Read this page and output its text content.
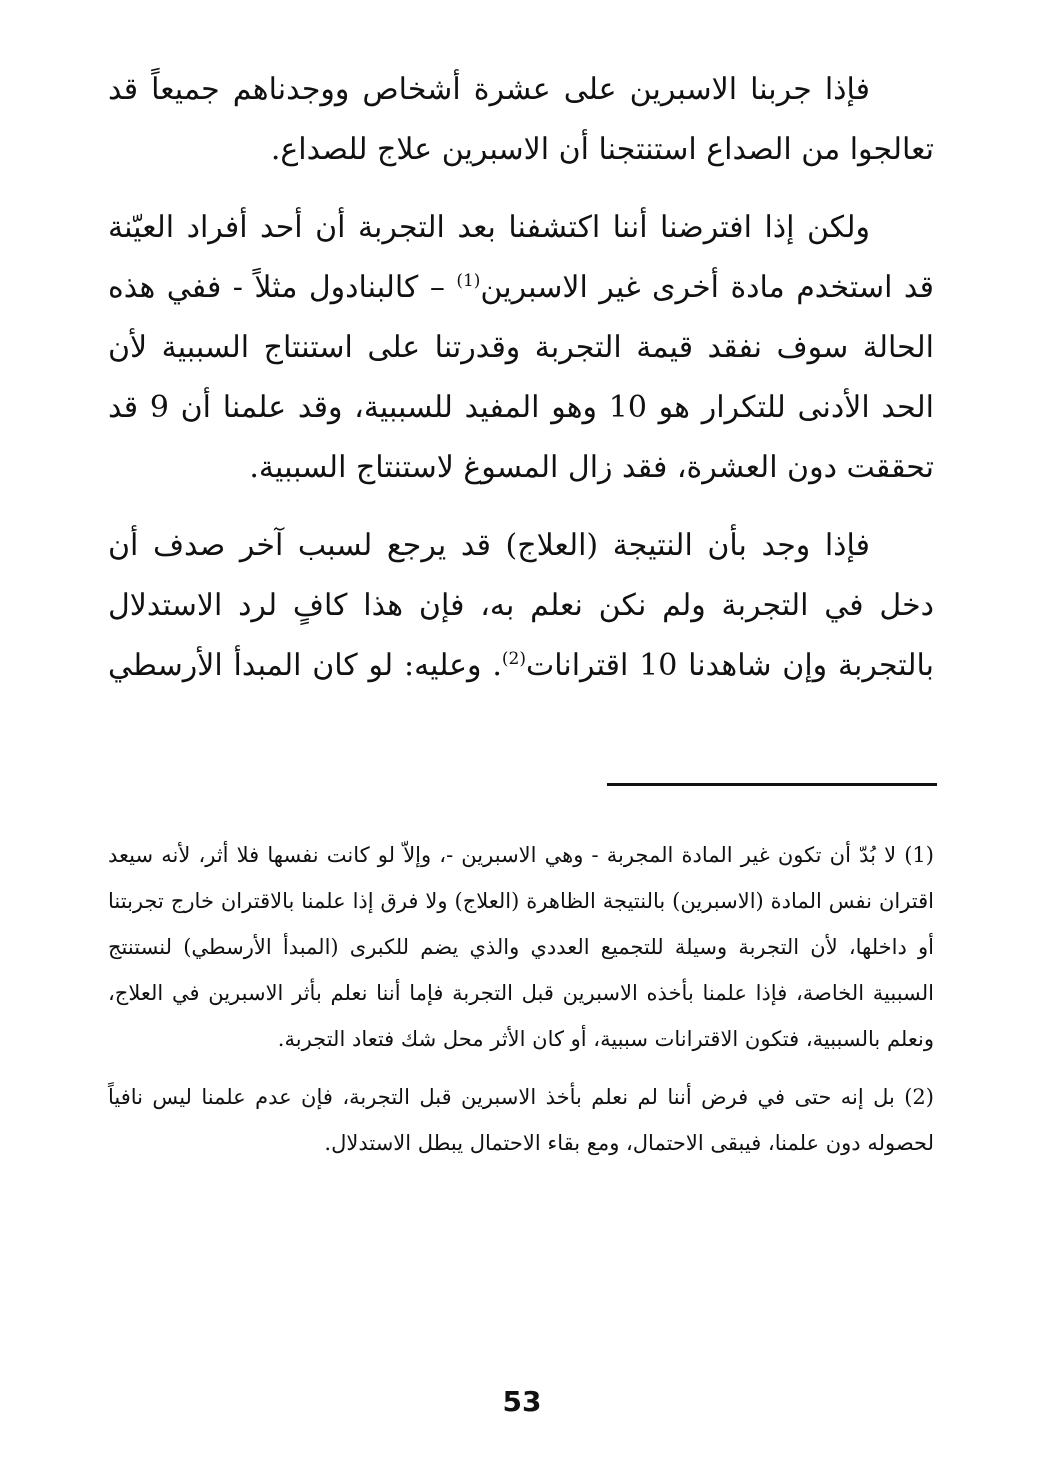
فإذا جربنا الاسبرين على عشرة أشخاص ووجدناهم جميعاً قد تعالجوا من الصداع استنتجنا أن الاسبرين علاج للصداع.

ولكن إذا افترضنا أننا اكتشفنا بعد التجربة أن أحد أفراد العيّنة قد استخدم مادة أخرى غير الاسبرين$^{(1)}$ – كالبنادول مثلاً - ففي هذه الحالة سوف نفقد قيمة التجربة وقدرتنا على استنتاج السببية لأن الحد الأدنى للتكرار هو 10 وهو المفيد للسببية، وقد علمنا أن 9 قد تحققت دون العشرة، فقد زال المسوغ لاستنتاج السببية.

فإذا وجد بأن النتيجة (العلاج) قد يرجع لسبب آخر صدف أن دخل في التجربة ولم نكن نعلم به، فإن هذا كافٍ لرد الاستدلال بالتجربة وإن شاهدنا 10 اقترانات$^{(2)}$. وعليه: لو كان المبدأ الأرسطي

(1) لا بُدّ أن تكون غير المادة المجربة - وهي الاسبرين -، وإلاّ لو كانت نفسها فلا أثر، لأنه سيعد اقتران نفس المادة (الاسبرين) بالنتيجة الظاهرة (العلاج) ولا فرق إذا علمنا بالاقتران خارج تجربتنا أو داخلها، لأن التجربة وسيلة للتجميع العددي والذي يضم للكبرى (المبدأ الأرسطي) لنستنتج السببية الخاصة، فإذا علمنا بأخذه الاسبرين قبل التجربة فإما أننا نعلم بأثر الاسبرين في العلاج، ونعلم بالسببية، فتكون الاقترانات سببية، أو كان الأثر محل شك فتعاد التجربة.

(2) بل إنه حتى في فرض أننا لم نعلم بأخذ الاسبرين قبل التجربة، فإن عدم علمنا ليس نافياً لحصوله دون علمنا، فيبقى الاحتمال، ومع بقاء الاحتمال يبطل الاستدلال.

53
